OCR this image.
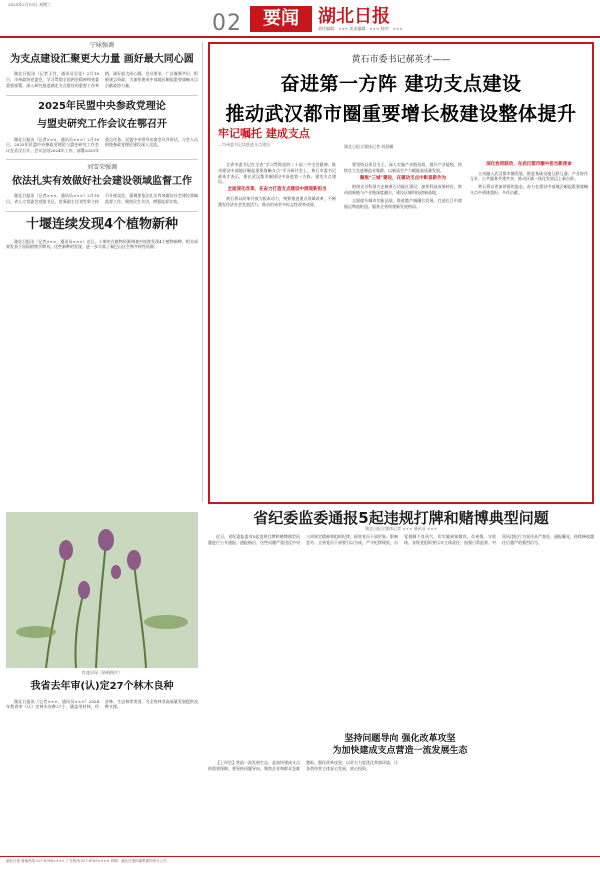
2025年2月19日 星期三
02	要闻	湖北日报
责任编辑：××× 美术编辑：××× 校对：×××
宁咏强调
为支点建设汇聚更大力量 画好最大同心圆

湖北日报讯（记者王付，通讯员吴佳）2月18日，市州政协党委会、学习贯彻全国两会精神和省委重要部署，深入研究推进湖北支点建设的重要工作举措，画好最大同心圆。会议要求，广泛凝聚共识，积极建言资政，为加快建成中部地区崛起重要战略支点贡献政协力量。

2025年民盟中央参政党理论
与盟史研究工作会议在鄂召开

湖北日报讯（记者×××，通讯员×××）2月18日，2025年民盟中央参政党理论与盟史研究工作会议在武汉召开。会议总结2024年工作，部署2025年重点任务。民盟中央领导出席会议并讲话，与会人员围绕参政党理论建设深入交流。

刘雪荣强调
依法扎实有效做好社会建设领域监督工作

湖北日报讯（记者×××，通讯员×××）2月18日，省人大常委会党组书记、常务副主任刘雪荣主持召开座谈会，强调要依法扎实有效做好社会建设领域监督工作，聚焦民生关切，增强监督实效。

十堰连续发现4个植物新种

湖北日报讯（记者×××，通讯员×××）近日，十堰市在植物资源调查中连续发现4个植物新种，相关成果发表于国际植物学期刊。这些新种的发现，进一步丰富了秦巴山区生物多样性资源。

红花贝母（资料图片）
我省去年审(认)定27个林木良种

湖北日报讯（记者×××，通讯员×××）2024年我省审（认）定林木良种27个，涵盖用材林、经济林、生态林等类别，为全省林业高质量发展提供良种支撑。

黄石市委书记郝英才——
奋进第一方阵 建功支点建设
推动武汉都市圈重要增长极建设整体提升
牢记嘱托 建成支点
—市州委书记谈推进支点建设	湖北日报全媒体记者 胡晨曦

全省市委书记在全省“学习贯彻党的二十届三中全会精神、推动建设中部地区崛起重要战略支点”学习研讨会上，黄石市委书记郝英才表示，要在武汉都市圈建设中奋进第一方阵、建功支点建设。

全面深化改革，在奋力打造支点建设中展现新担当

黄石将以改革开放为根本动力，统筹推进重点领域改革，不断激发经济社会发展活力，推动形成更多标志性改革成果。

要坚持以项目为王，深入实施产业链招商，提升产业能级，持续壮大先进制造业集群，以新质生产力赋能高质量发展。

聚焦“三城”建设，在建功支点中彰显新作为

围绕光谷科创大走廊黄石功能区建设，加快科技成果转化，推动创新链与产业链深度融合，建设区域科技创新高地。

全面提升城市功能品质，推进港产城融合发展，打造长江中游航运物流枢纽，服务全省构建新发展格局。

深化协同联动，在武汉都市圈中担当新使命

主动融入武汉都市圈发展，推进基础设施互联互通、产业协作互补、公共服务共建共享，推动区域一体化发展迈上新台阶。

黄石将以更加昂扬的姿态，奋力在建设中部地区崛起重要战略支点中勇挑重担、多作贡献。

省纪委监委通报5起违规打牌和赌博典型问题
湖北日报全媒体记者 ××× 通讯员 ×××

近日，省纪委监委对5起违规打牌和赌博典型问题进行公开通报。通报指出，这些问题严重违反中央八项规定精神和组织纪律，损害党员干部形象，影响恶劣。全省党员干部要引以为戒，严守纪律规矩，自觉抵制不良风气，切实做到知敬畏、存戒惧、守底线。各级党组织要压实主体责任，加强日常监督，对顶风违纪行为坚决从严查处、通报曝光，持续释放越往后越严的强烈信号。

坚持问题导向 强化改革攻坚
为加快建成支点营造一流发展生态

【上评论】营造一流发展生态，是加快建成支点的重要保障。要坚持问题导向，聚焦企业和群众急难愁盼，强化改革攻坚，以更大力度优化营商环境，让各类经营主体安心发展、放心投资。

湖北日报 新闻热线 027-8765×××× 广告热线 027-8765×××× 印刷：湖北日报传媒集团印务分公司
